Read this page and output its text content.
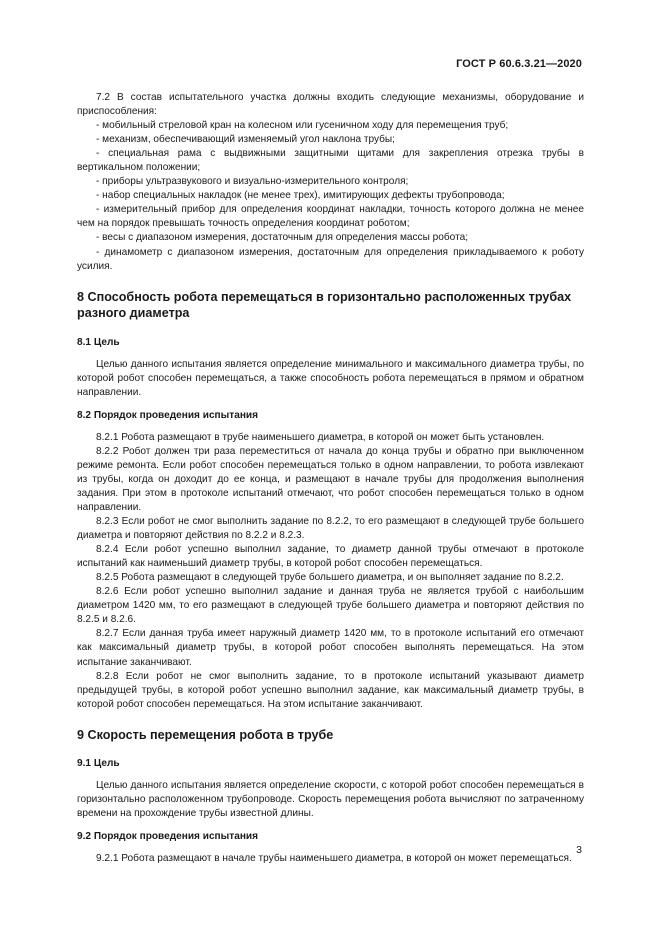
ГОСТ Р 60.6.3.21—2020

7.2 В состав испытательного участка должны входить следующие механизмы, оборудование и приспособления:

- мобильный стреловой кран на колесном или гусеничном ходу для перемещения труб;

- механизм, обеспечивающий изменяемый угол наклона трубы;

- специальная рама с выдвижными защитными щитами для закрепления отрезка трубы в вертикальном положении;

- приборы ультразвукового и визуально-измерительного контроля;

- набор специальных накладок (не менее трех), имитирующих дефекты трубопровода;

- измерительный прибор для определения координат накладки, точность которого должна не менее чем на порядок превышать точность определения координат роботом;

- весы с диапазоном измерения, достаточным для определения массы робота;

- динамометр с диапазоном измерения, достаточным для определения прикладываемого к роботу усилия.

8 Способность робота перемещаться в горизонтально расположенных трубах разного диаметра
8.1 Цель

Целью данного испытания является определение минимального и максимального диаметра трубы, по которой робот способен перемещаться, а также способность робота перемещаться в прямом и обратном направлении.

8.2 Порядок проведения испытания

8.2.1 Робота размещают в трубе наименьшего диаметра, в которой он может быть установлен.

8.2.2 Робот должен три раза переместиться от начала до конца трубы и обратно при выключенном режиме ремонта. Если робот способен перемещаться только в одном направлении, то робота извлекают из трубы, когда он доходит до ее конца, и размещают в начале трубы для продолжения выполнения задания. При этом в протоколе испытаний отмечают, что робот способен перемещаться только в одном направлении.

8.2.3 Если робот не смог выполнить задание по 8.2.2, то его размещают в следующей трубе большего диаметра и повторяют действия по 8.2.2 и 8.2.3.

8.2.4 Если робот успешно выполнил задание, то диаметр данной трубы отмечают в протоколе испытаний как наименьший диаметр трубы, в которой робот способен перемещаться.

8.2.5 Робота размещают в следующей трубе большего диаметра, и он выполняет задание по 8.2.2.

8.2.6 Если робот успешно выполнил задание и данная труба не является трубой с наибольшим диаметром 1420 мм, то его размещают в следующей трубе большего диаметра и повторяют действия по 8.2.5 и 8.2.6.

8.2.7 Если данная труба имеет наружный диаметр 1420 мм, то в протоколе испытаний его отмечают как максимальный диаметр трубы, в которой робот способен выполнять перемещаться. На этом испытание заканчивают.

8.2.8 Если робот не смог выполнить задание, то в протоколе испытаний указывают диаметр предыдущей трубы, в которой робот успешно выполнил задание, как максимальный диаметр трубы, в которой робот способен перемещаться. На этом испытание заканчивают.

9 Скорость перемещения робота в трубе
9.1 Цель

Целью данного испытания является определение скорости, с которой робот способен перемещаться в горизонтально расположенном трубопроводе. Скорость перемещения робота вычисляют по затраченному времени на прохождение трубы известной длины.

9.2 Порядок проведения испытания

9.2.1 Робота размещают в начале трубы наименьшего диаметра, в которой он может перемещаться.

3
